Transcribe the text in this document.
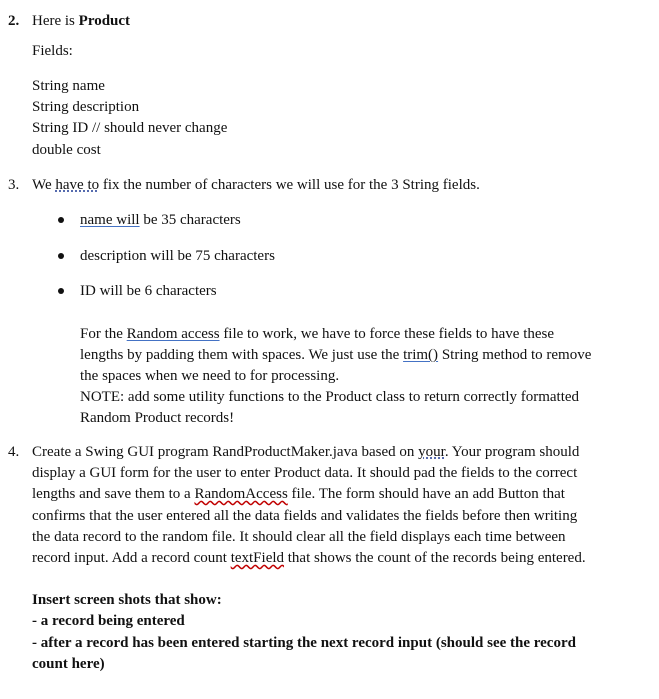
2. Here is Product
Fields:
String name
String description
String ID // should never change
double cost
3. We have to fix the number of characters we will use for the 3 String fields.
name will be 35 characters
description will be 75 characters
ID will be 6 characters
For the Random access file to work, we have to force these fields to have these
lengths by padding them with spaces. We just use the trim() String method to remove
the spaces when we need to for processing.
NOTE: add some utility functions to the Product class to return correctly formatted
Random Product records!
4. Create a Swing GUI program RandProductMaker.java based on your. Your program should
display a GUI form for the user to enter Product data. It should pad the fields to the correct
lengths and save them to a RandomAccess file. The form should have an add Button that
confirms that the user entered all the data fields and validates the fields before then writing
the data record to the random file. It should clear all the field displays each time between
record input. Add a record count textField that shows the count of the records being entered.
Insert screen shots that show:
- a record being entered
- after a record has been entered starting the next record input (should see the record
count here)
